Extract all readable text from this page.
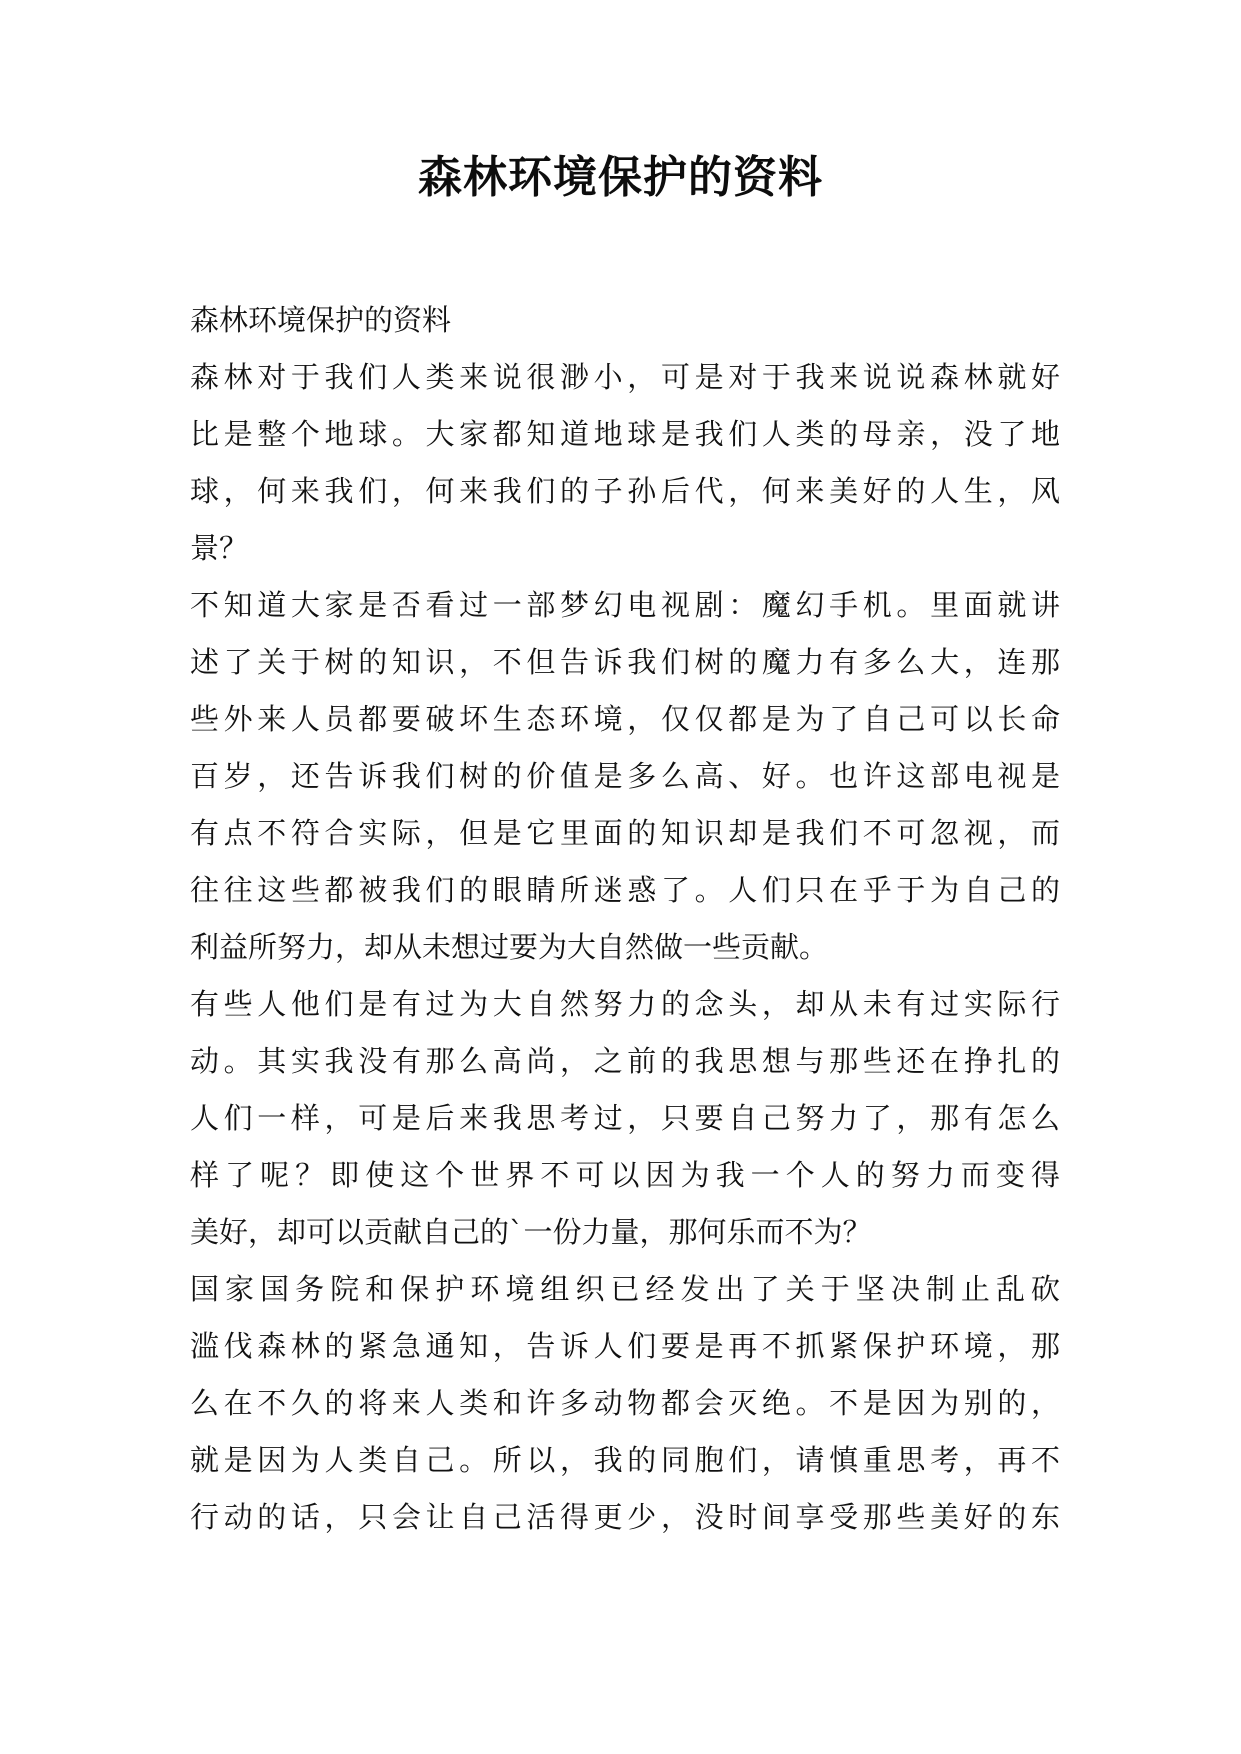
森林环境保护的资料
森林环境保护的资料
森林对于我们人类来说很渺小，可是对于我来说说森林就好
比是整个地球。大家都知道地球是我们人类的母亲，没了地
球，何来我们，何来我们的子孙后代，何来美好的人生，风
景？
不知道大家是否看过一部梦幻电视剧：魔幻手机。里面就讲
述了关于树的知识，不但告诉我们树的魔力有多么大，连那
些外来人员都要破坏生态环境，仅仅都是为了自己可以长命
百岁，还告诉我们树的价值是多么高、好。也许这部电视是
有点不符合实际，但是它里面的知识却是我们不可忽视，而
往往这些都被我们的眼睛所迷惑了。人们只在乎于为自己的
利益所努力，却从未想过要为大自然做一些贡献。
有些人他们是有过为大自然努力的念头，却从未有过实际行
动。其实我没有那么高尚，之前的我思想与那些还在挣扎的
人们一样，可是后来我思考过，只要自己努力了，那有怎么
样了呢？即使这个世界不可以因为我一个人的努力而变得
美好，却可以贡献自己的`一份力量，那何乐而不为？
国家国务院和保护环境组织已经发出了关于坚决制止乱砍
滥伐森林的紧急通知，告诉人们要是再不抓紧保护环境，那
么在不久的将来人类和许多动物都会灭绝。不是因为别的，
就是因为人类自己。所以，我的同胞们，请慎重思考，再不
行动的话，只会让自己活得更少，没时间享受那些美好的东
